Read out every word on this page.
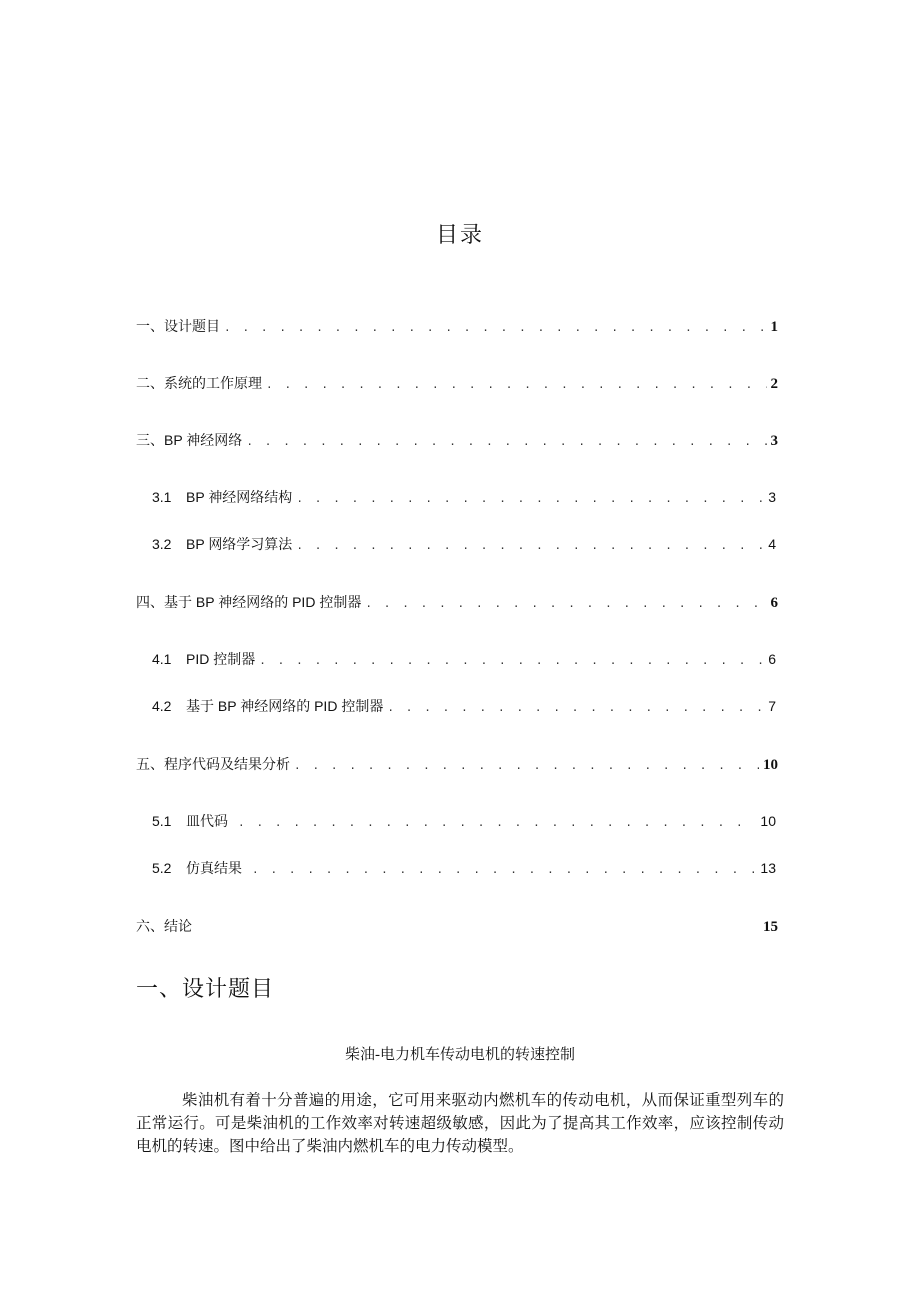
目录
一、设计题目 . . .	1
二、系统的工作原理 . . .	2
三、BP 神经网络 . . .	3
3.1 BP 神经网络结构 . . .	3
3.2 BP 网络学习算法 . . .	4
四、基于 BP 神经网络的 PID 控制器 . . .	6
4.1 PID 控制器 . . .	6
4.2 基于 BP 神经网络的 PID 控制器 . . .	7
五、程序代码及结果分析 . . .	10
5.1 皿代码 . . .	10
5.2 仿真结果 . . .	13
六、结论	15
一、设计题目
柴油-电力机车传动电机的转速控制

柴油机有着十分普遍的用途，它可用来驱动内燃机车的传动电机，从而保证重型列车的正常运行。可是柴油机的工作效率对转速超级敏感，因此为了提高其工作效率，应该控制传动电机的转速。图中给出了柴油内燃机车的电力传动模型。
